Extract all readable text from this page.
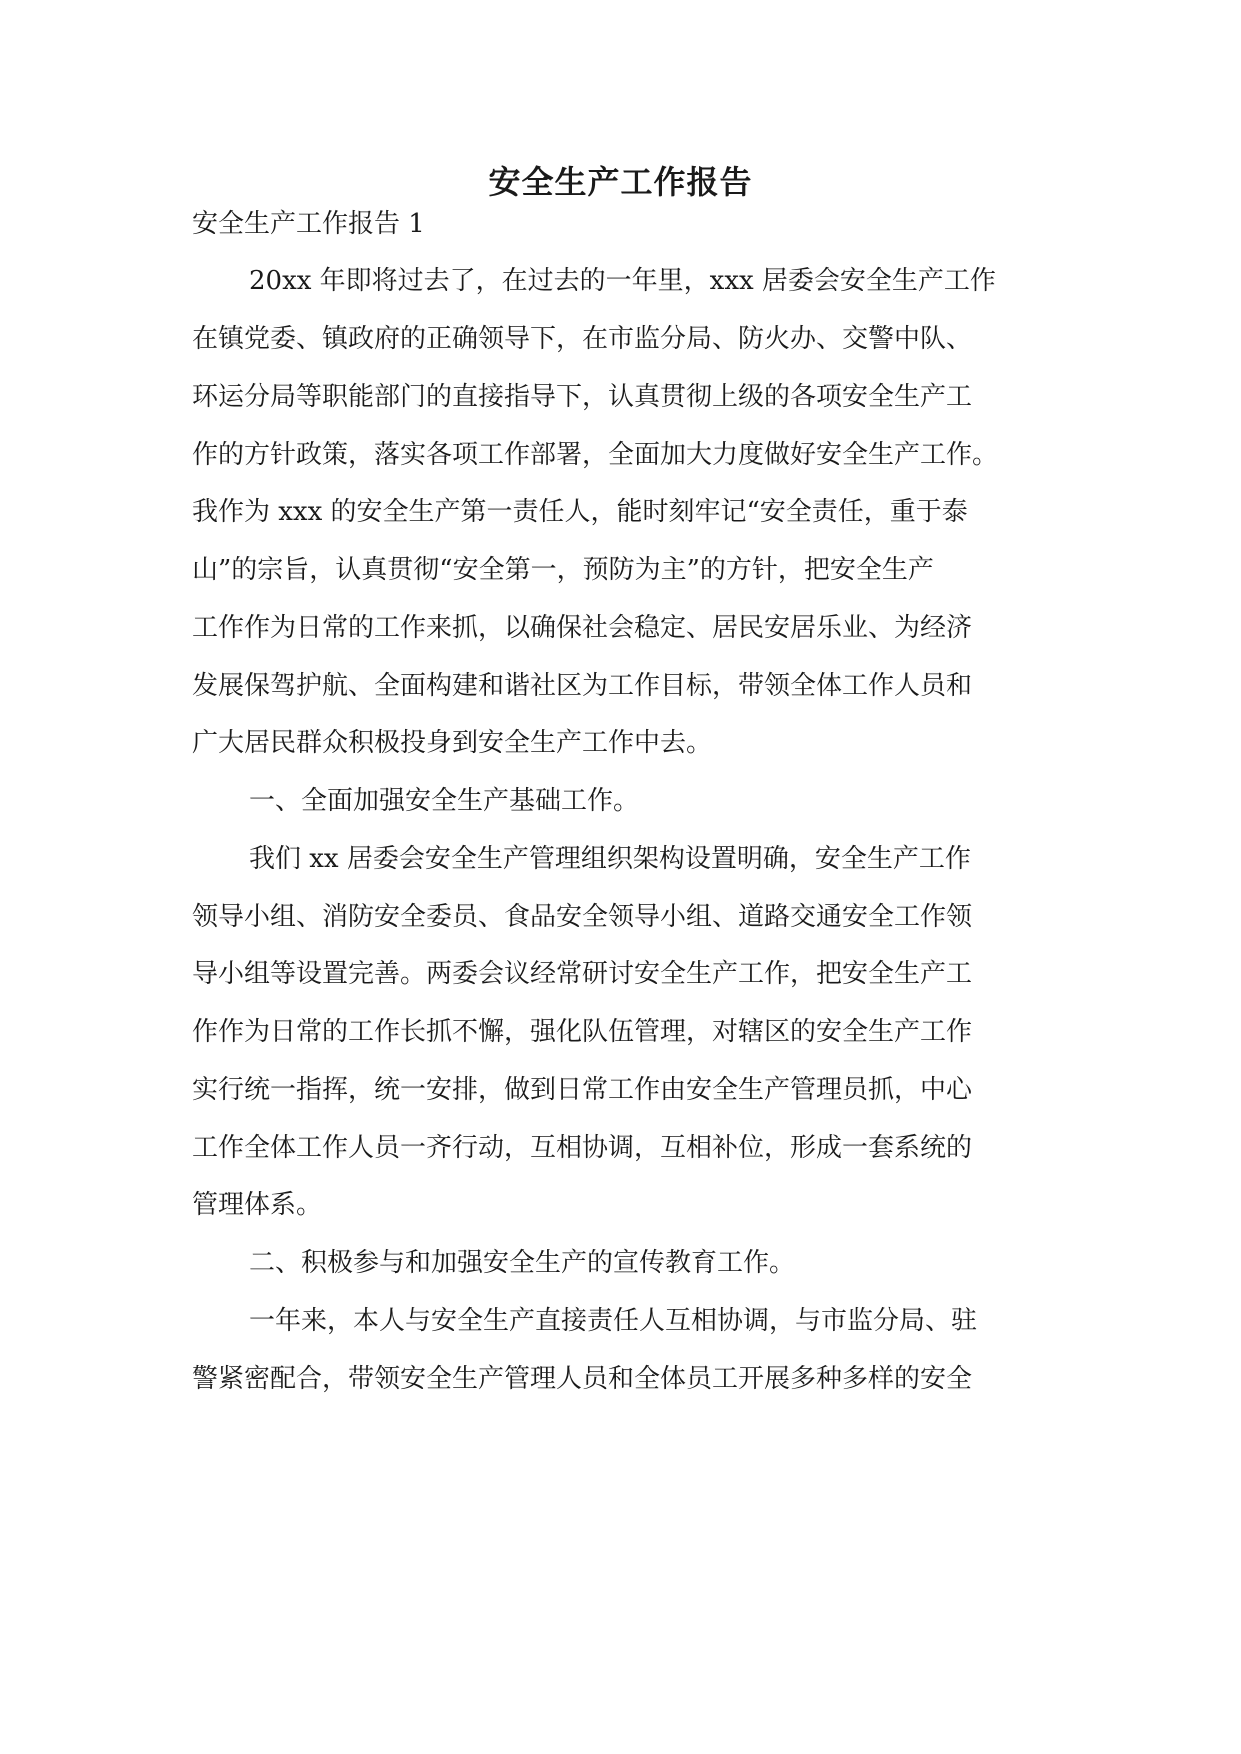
安全生产工作报告
安全生产工作报告 1
20xx 年即将过去了，在过去的一年里，xxx 居委会安全生产工作
在镇党委、镇政府的正确领导下，在市监分局、防火办、交警中队、
环运分局等职能部门的直接指导下，认真贯彻上级的各项安全生产工
作的方针政策，落实各项工作部署，全面加大力度做好安全生产工作。
我作为 xxx 的安全生产第一责任人，能时刻牢记“安全责任，重于泰
山”的宗旨，认真贯彻“安全第一，预防为主”的方针，把安全生产
工作作为日常的工作来抓，以确保社会稳定、居民安居乐业、为经济
发展保驾护航、全面构建和谐社区为工作目标，带领全体工作人员和
广大居民群众积极投身到安全生产工作中去。
一、全面加强安全生产基础工作。
我们 xx 居委会安全生产管理组织架构设置明确，安全生产工作
领导小组、消防安全委员、食品安全领导小组、道路交通安全工作领
导小组等设置完善。两委会议经常研讨安全生产工作，把安全生产工
作作为日常的工作长抓不懈，强化队伍管理，对辖区的安全生产工作
实行统一指挥，统一安排，做到日常工作由安全生产管理员抓，中心
工作全体工作人员一齐行动，互相协调，互相补位，形成一套系统的
管理体系。
二、积极参与和加强安全生产的宣传教育工作。
一年来，本人与安全生产直接责任人互相协调，与市监分局、驻
警紧密配合，带领安全生产管理人员和全体员工开展多种多样的安全
